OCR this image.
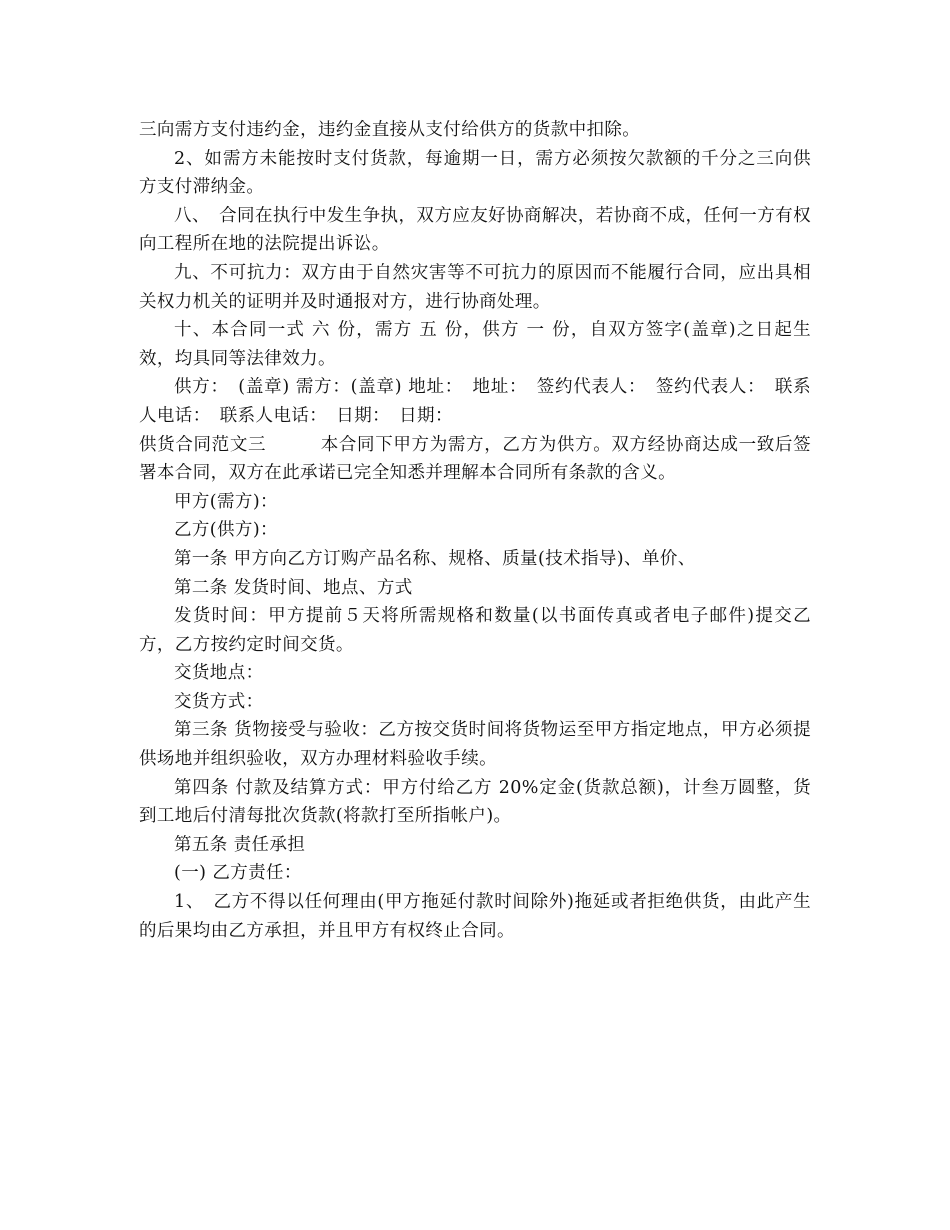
三向需方支付违约金，违约金直接从支付给供方的货款中扣除。

2、如需方未能按时支付货款，每逾期一日，需方必须按欠款额的千分之三向供方支付滞纳金。

八、　合同在执行中发生争执，双方应友好协商解决，若协商不成，任何一方有权向工程所在地的法院提出诉讼。

九、不可抗力：双方由于自然灾害等不可抗力的原因而不能履行合同，应出具相关权力机关的证明并及时通报对方，进行协商处理。

十、本合同一式 六 份，需方 五 份，供方 一 份，自双方签字(盖章)之日起生效，均具同等法律效力。

供方：　(盖章) 需方：(盖章) 地址：　地址：　签约代表人：　签约代表人：　联系人电话：　联系人电话：　日期：　日期：

供货合同范文三　　　本合同下甲方为需方，乙方为供方。双方经协商达成一致后签署本合同，双方在此承诺已完全知悉并理解本合同所有条款的含义。

甲方(需方)：

乙方(供方)：

第一条 甲方向乙方订购产品名称、规格、质量(技术指导)、单价、

第二条 发货时间、地点、方式

发货时间：甲方提前５天将所需规格和数量(以书面传真或者电子邮件)提交乙方，乙方按约定时间交货。

交货地点：

交货方式：

第三条 货物接受与验收：乙方按交货时间将货物运至甲方指定地点，甲方必须提供场地并组织验收，双方办理材料验收手续。

第四条 付款及结算方式：甲方付给乙方 20%定金(货款总额)，计叁万圆整，货到工地后付清每批次货款(将款打至所指帐户)。

第五条 责任承担

(一) 乙方责任：

1、　乙方不得以任何理由(甲方拖延付款时间除外)拖延或者拒绝供货，由此产生的后果均由乙方承担，并且甲方有权终止合同。
